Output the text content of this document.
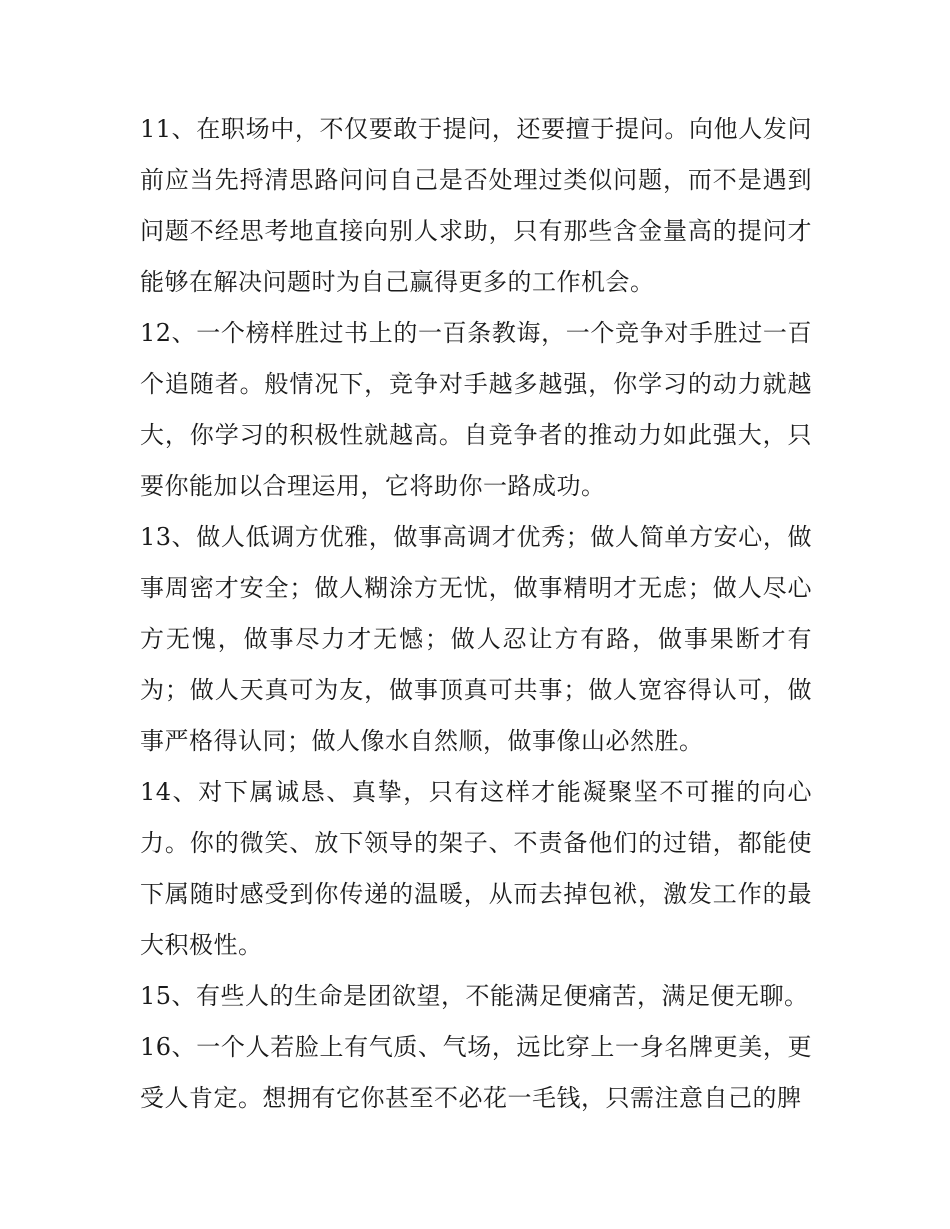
11、在职场中，不仅要敢于提问，还要擅于提问。向他人发问前应当先捋清思路问问自己是否处理过类似问题，而不是遇到问题不经思考地直接向别人求助，只有那些含金量高的提问才能够在解决问题时为自己赢得更多的工作机会。

12、一个榜样胜过书上的一百条教诲，一个竞争对手胜过一百个追随者。般情况下，竞争对手越多越强，你学习的动力就越大，你学习的积极性就越高。自竞争者的推动力如此强大，只要你能加以合理运用，它将助你一路成功。

13、做人低调方优雅，做事高调才优秀；做人简单方安心，做事周密才安全；做人糊涂方无忧，做事精明才无虑；做人尽心方无愧，做事尽力才无憾；做人忍让方有路，做事果断才有为；做人天真可为友，做事顶真可共事；做人宽容得认可，做事严格得认同；做人像水自然顺，做事像山必然胜。

14、对下属诚恳、真挚，只有这样才能凝聚坚不可摧的向心力。你的微笑、放下领导的架子、不责备他们的过错，都能使下属随时感受到你传递的温暖，从而去掉包袱，激发工作的最大积极性。

15、有些人的生命是团欲望，不能满足便痛苦，满足便无聊。

16、一个人若脸上有气质、气场，远比穿上一身名牌更美，更受人肯定。想拥有它你甚至不必花一毛钱，只需注意自己的脾
